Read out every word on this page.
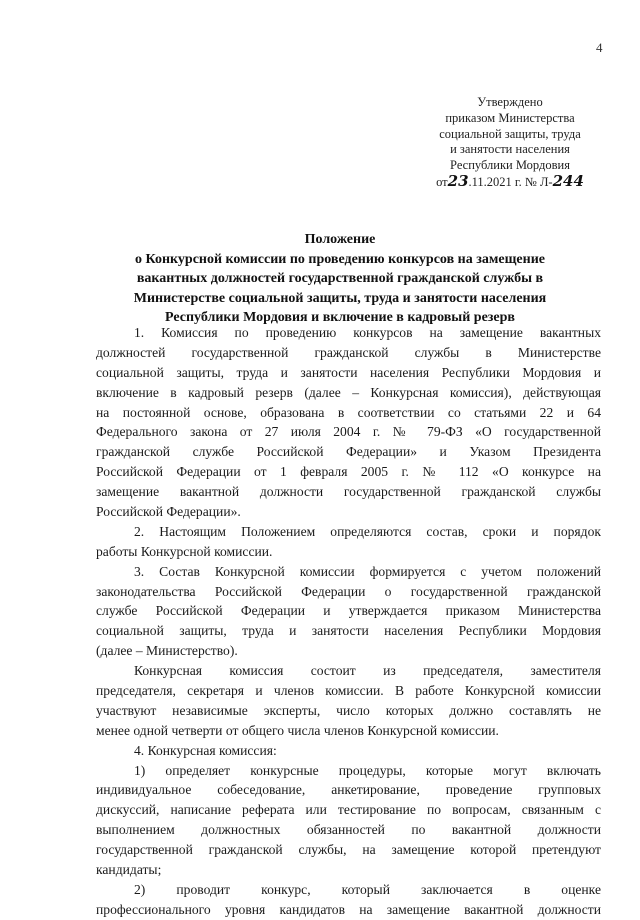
4
Утверждено
приказом Министерства
социальной защиты, труда
и занятости населения
Республики Мордовия
от23.11.2021 г. № Л-244
Положение
о Конкурсной комиссии по проведению конкурсов на замещение
вакантных должностей государственной гражданской службы в
Министерстве социальной защиты, труда и занятости населения
Республики Мордовия и включение в кадровый резерв
1. Комиссия по проведению конкурсов на замещение вакантных
должностей государственной гражданской службы в Министерстве
социальной защиты, труда и занятости населения Республики Мордовия и
включение в кадровый резерв (далее – Конкурсная комиссия), действующая
на постоянной основе, образована в соответствии со статьями 22 и 64
Федерального закона от 27 июля 2004 г. № 79-ФЗ «О государственной
гражданской службе Российской Федерации» и Указом Президента
Российской Федерации от 1 февраля 2005 г. № 112 «О конкурсе на
замещение вакантной должности государственной гражданской службы
Российской Федерации».
2. Настоящим Положением определяются состав, сроки и порядок
работы Конкурсной комиссии.
3. Состав Конкурсной комиссии формируется с учетом положений
законодательства Российской Федерации о государственной гражданской
службе Российской Федерации и утверждается приказом Министерства
социальной защиты, труда и занятости населения Республики Мордовия
(далее – Министерство).
Конкурсная комиссия состоит из председателя, заместителя
председателя, секретаря и членов комиссии. В работе Конкурсной комиссии
участвуют независимые эксперты, число которых должно составлять не
менее одной четверти от общего числа членов Конкурсной комиссии.
4. Конкурсная комиссия:
1) определяет конкурсные процедуры, которые могут включать
индивидуальное собеседование, анкетирование, проведение групповых
дискуссий, написание реферата или тестирование по вопросам, связанным с
выполнением должностных обязанностей по вакантной должности
государственной гражданской службы, на замещение которой претендуют
кандидаты;
2) проводит конкурс, который заключается в оценке
профессионального уровня кандидатов на замещение вакантной должности
